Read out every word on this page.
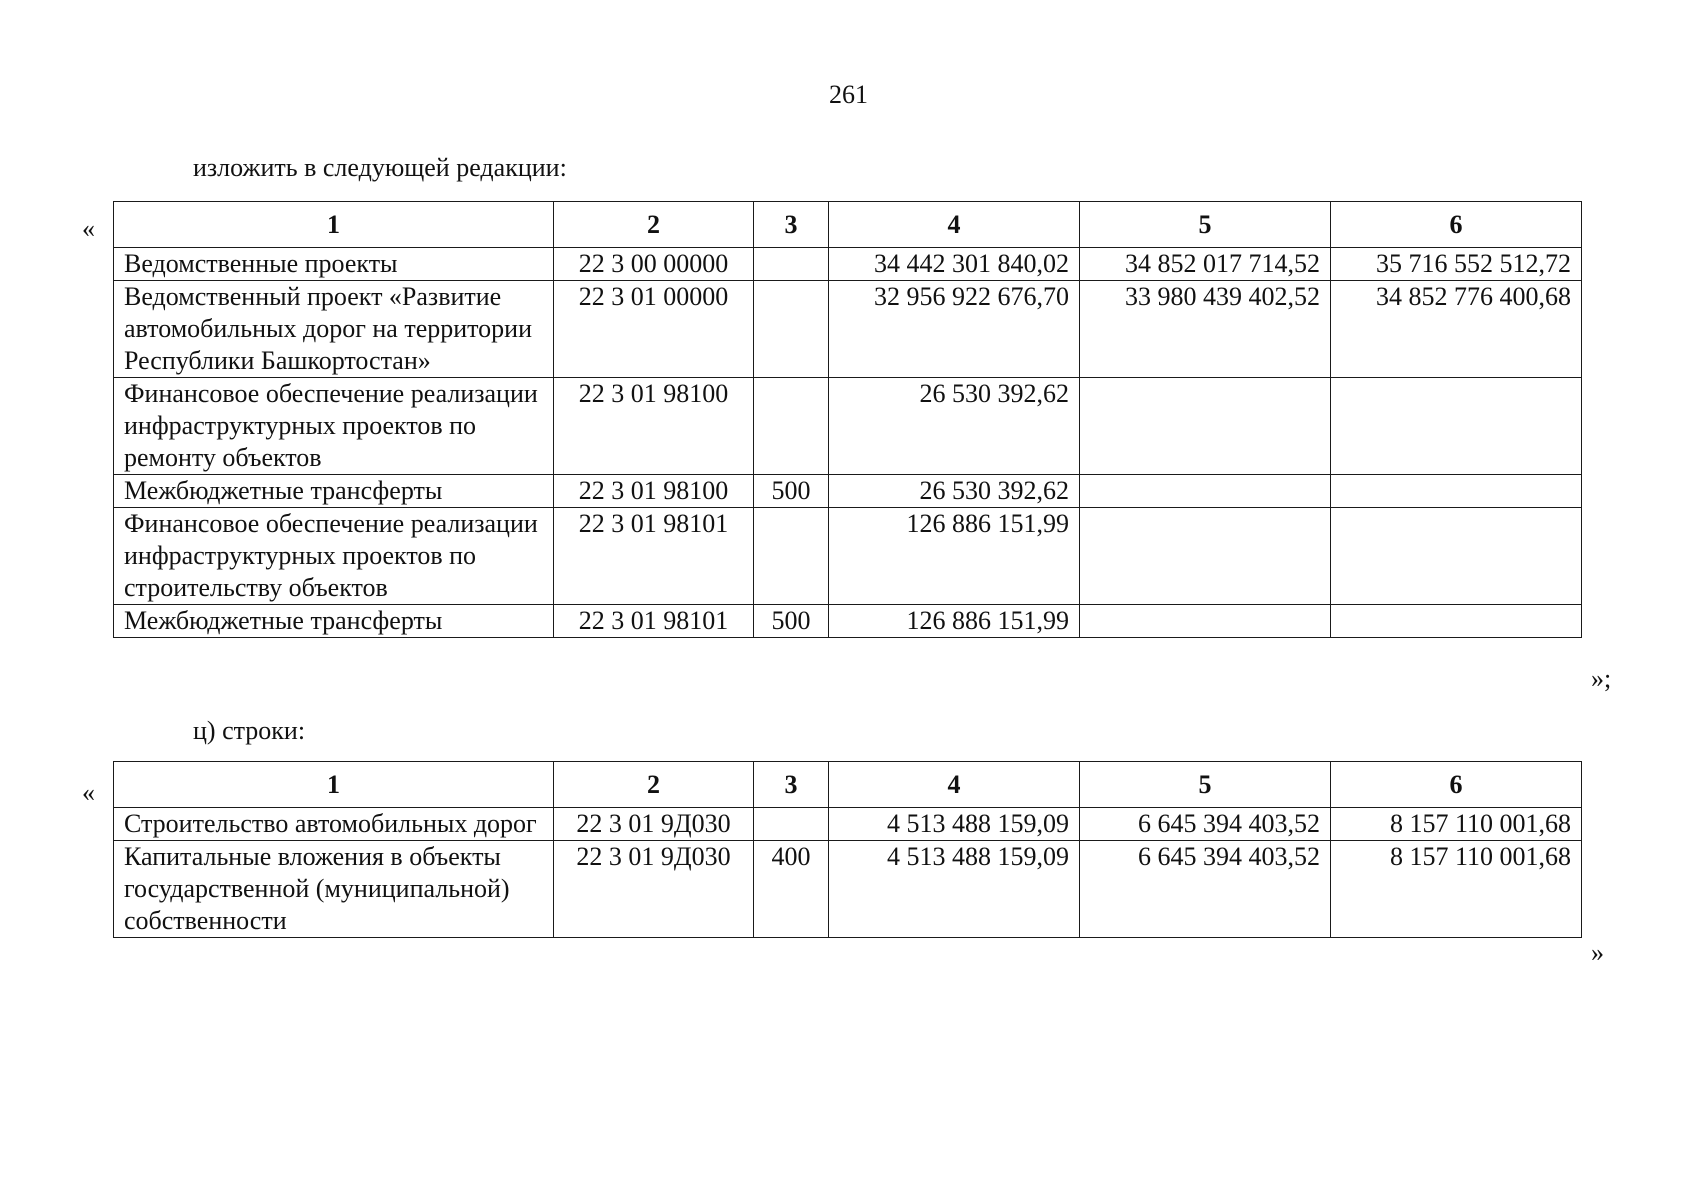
261
изложить в следующей редакции:
«	1	2	3	4	5	6
Ведомственные проекты	22 3 00 00000		34 442 301 840,02	34 852 017 714,52	35 716 552 512,72
Ведомственный проект «Развитие автомобильных дорог на территории Республики Башкортостан»	22 3 01 00000		32 956 922 676,70	33 980 439 402,52	34 852 776 400,68
Финансовое обеспечение реализации инфраструктурных проектов по ремонту объектов	22 3 01 98100		26 530 392,62		
Межбюджетные трансферты	22 3 01 98100	500	26 530 392,62		
Финансовое обеспечение реализации инфраструктурных проектов по строительству объектов	22 3 01 98101		126 886 151,99		
Межбюджетные трансферты	22 3 01 98101	500	126 886 151,99		
»;
ц) строки:
«	1	2	3	4	5	6
Строительство автомобильных дорог	22 3 01 9Д030		4 513 488 159,09	6 645 394 403,52	8 157 110 001,68
Капитальные вложения в объекты государственной (муниципальной) собственности	22 3 01 9Д030	400	4 513 488 159,09	6 645 394 403,52	8 157 110 001,68
»
